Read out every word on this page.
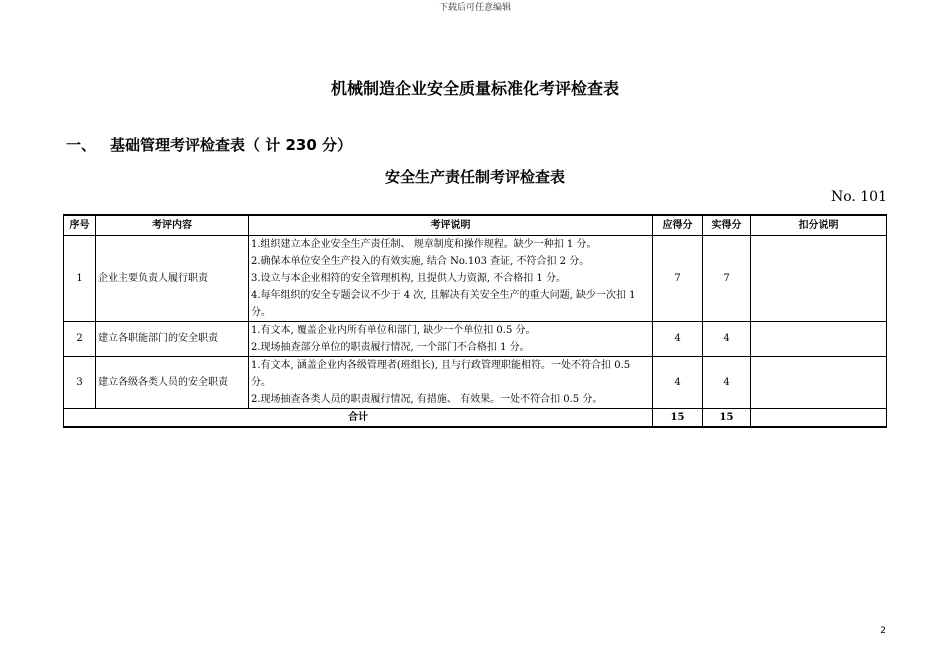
下载后可任意编辑
机械制造企业安全质量标准化考评检查表
一、 基础管理考评检查表（ 计 230 分）
安全生产责任制考评检查表
No. 101
序号	考评内容	考评说明	应得分	实得分	扣分说明
1	企业主要负责人履行职责	1.组织建立本企业安全生产责任制、 规章制度和操作规程。缺少一种扣 1 分。

2.确保本单位安全生产投入的有效实施, 结合 No.103 查证, 不符合扣 2 分。

3.设立与本企业相符的安全管理机构, 且提供人力资源, 不合格扣 1 分。

4.每年组织的安全专题会议不少于 4 次, 且解决有关安全生产的重大问题, 缺少一次扣 1 分。	7	7	
2	建立各职能部门的安全职责	1.有文本, 覆盖企业内所有单位和部门, 缺少一个单位扣 0.5 分。

2.现场抽查部分单位的职责履行情况, 一个部门不合格扣 1 分。	4	4	
3	建立各级各类人员的安全职责	1.有文本, 涵盖企业内各级管理者(班组长), 且与行政管理职能相符。一处不符合扣 0.5 分。

2.现场抽查各类人员的职责履行情况, 有措施、 有效果。一处不符合扣 0.5 分。	4	4	
合计			15	15	
2
